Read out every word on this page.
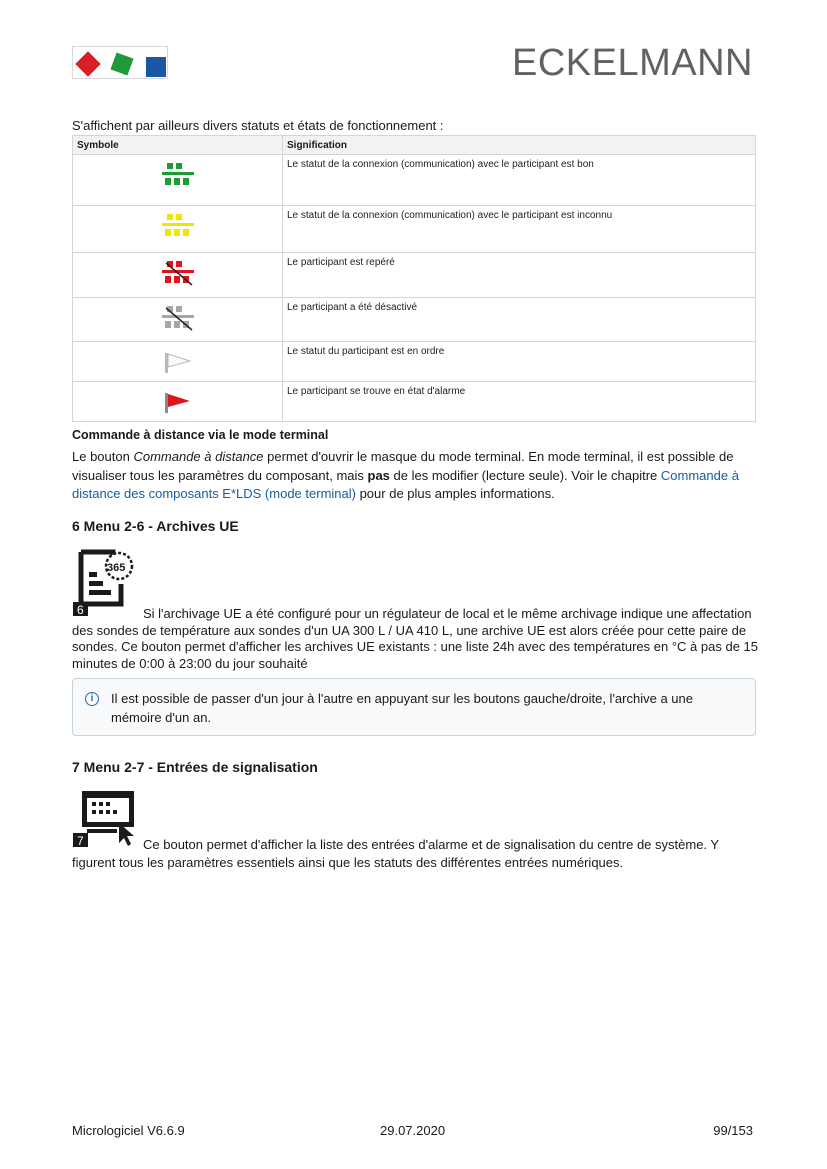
ECKELMANN
S'affichent par ailleurs divers statuts et états de fonctionnement :
Symbole	Signification
	Le statut de la connexion (communication) avec le participant est bon
	Le statut de la connexion (communication) avec le participant est inconnu
	Le participant est repéré
	Le participant a été désactivé
	Le statut du participant est en ordre
	Le participant se trouve en état d'alarme
Commande à distance via le mode terminal
Le bouton Commande à distance permet d'ouvrir le masque du mode terminal. En mode terminal, il est possible de visualiser tous les paramètres du composant, mais pas de les modifier (lecture seule). Voir le chapitre Commande à distance des composants E*LDS (mode terminal) pour de plus amples informations.
6 Menu 2-6 - Archives UE
365
6	Si l'archivage UE a été configuré pour un régulateur de local et le même archivage indique une affectation des sondes de température aux sondes d'un UA 300 L / UA 410 L, une archive UE est alors créée pour cette paire de sondes. Ce bouton permet d'afficher les archives UE existants : une liste 24h avec des températures en °C à pas de 15 minutes de 0:00 à 23:00 du jour souhaité
i	Il est possible de passer d'un jour à l'autre en appuyant sur les boutons gauche/droite, l'archive a une mémoire d'un an.
7 Menu 2-7 - Entrées de signalisation
7	Ce bouton permet d'afficher la liste des entrées d'alarme et de signalisation du centre de système. Y figurent tous les paramètres essentiels ainsi que les statuts des différentes entrées numériques.
Micrologiciel V6.6.9	29.07.2020	99/153
